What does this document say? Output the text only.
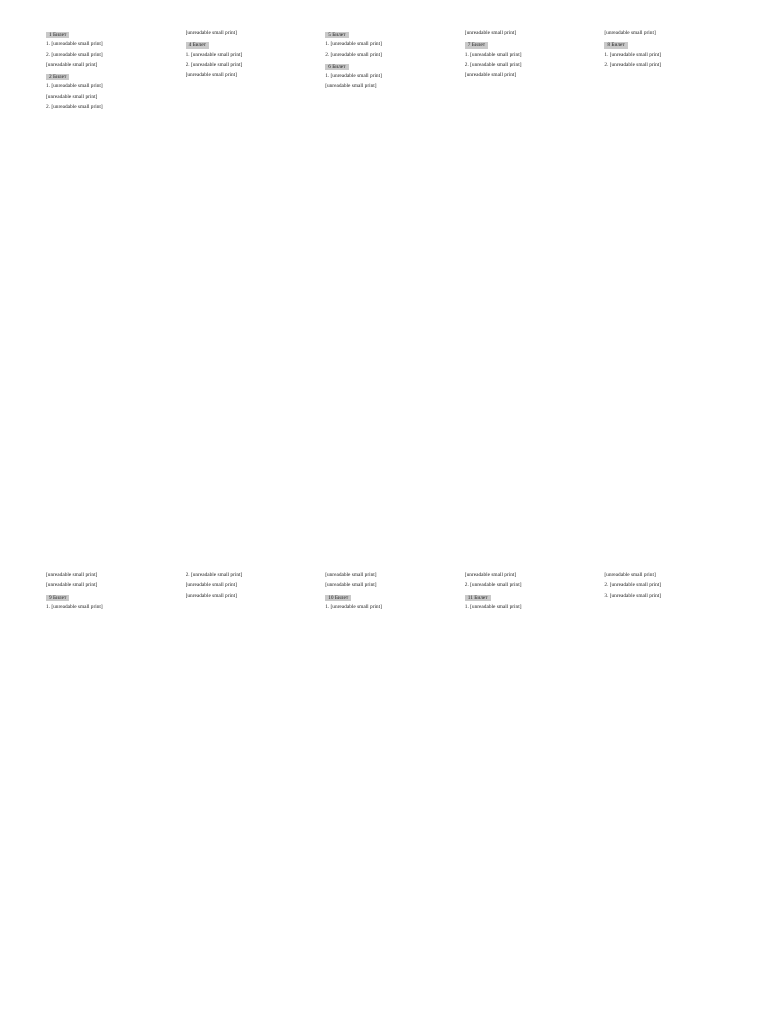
1 Билет

1. [unreadable small print]

2. [unreadable small print]

[unreadable small print]

2 Билет

1. [unreadable small print]

[unreadable small print]

2. [unreadable small print]

[unreadable small print]

4 Билет

1. [unreadable small print]

2. [unreadable small print]

[unreadable small print]

5 Билет

1. [unreadable small print]

2. [unreadable small print]

6 Билет

1. [unreadable small print]

[unreadable small print]

[unreadable small print]

7 Билет

1. [unreadable small print]

2. [unreadable small print]

[unreadable small print]

[unreadable small print]

8 Билет

1. [unreadable small print]

2. [unreadable small print]

[unreadable small print]

[unreadable small print]

9 Билет

1. [unreadable small print]

2. [unreadable small print]

[unreadable small print]

[unreadable small print]

[unreadable small print]

[unreadable small print]

10 Билет

1. [unreadable small print]

[unreadable small print]

2. [unreadable small print]

11 Билет

1. [unreadable small print]

[unreadable small print]

2. [unreadable small print]

3. [unreadable small print]
